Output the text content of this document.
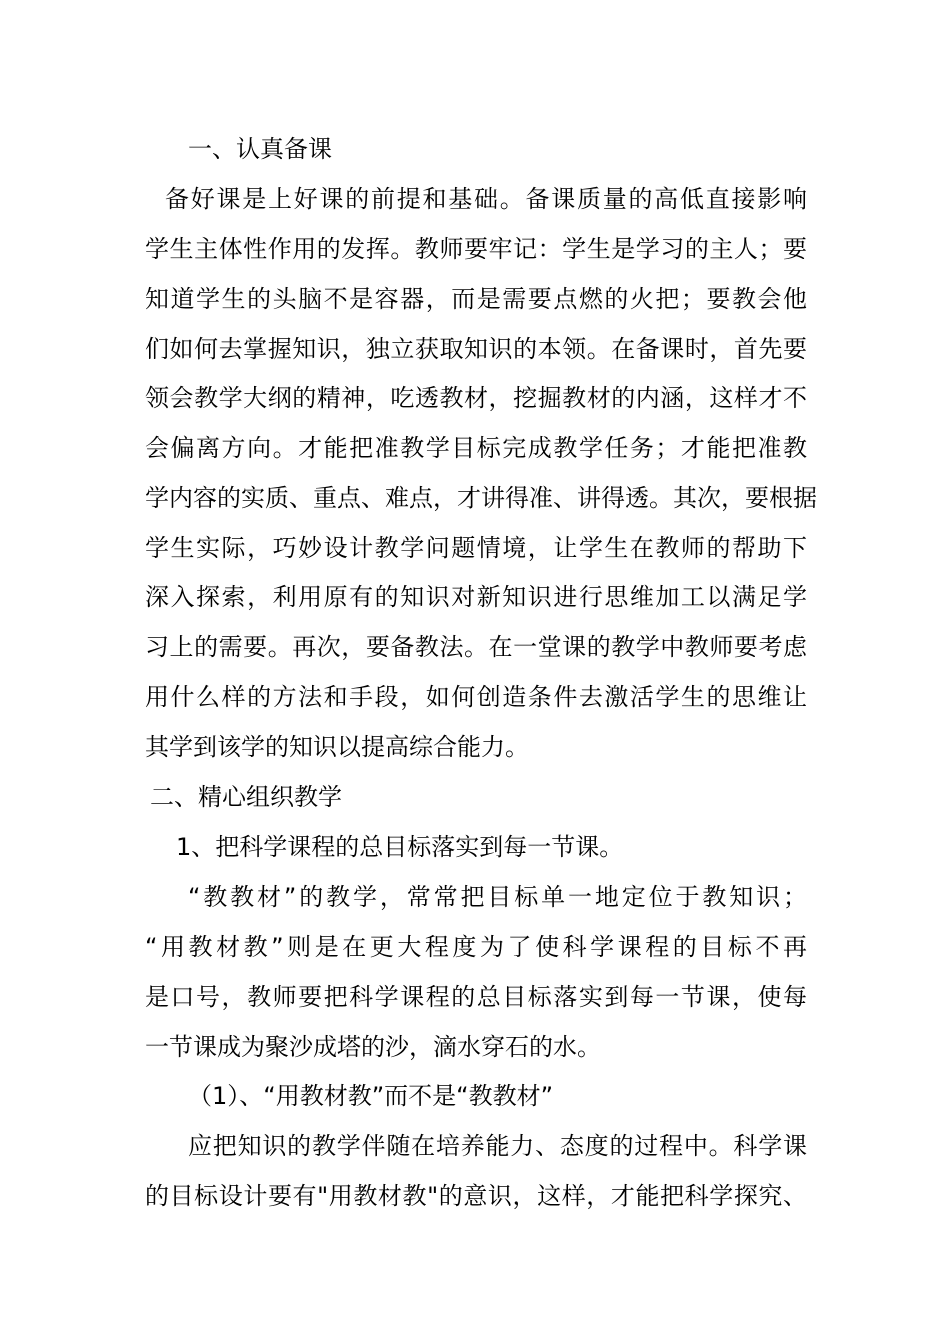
一、认真备课
备好课是上好课的前提和基础。备课质量的高低直接影响
学生主体性作用的发挥。教师要牢记：学生是学习的主人；要
知道学生的头脑不是容器，而是需要点燃的火把；要教会他
们如何去掌握知识，独立获取知识的本领。在备课时，首先要
领会教学大纲的精神，吃透教材，挖掘教材的内涵，这样才不
会偏离方向。才能把准教学目标完成教学任务；才能把准教
学内容的实质、重点、难点，才讲得准、讲得透。其次，要根据
学生实际，巧妙设计教学问题情境，让学生在教师的帮助下
深入探索，利用原有的知识对新知识进行思维加工以满足学
习上的需要。再次，要备教法。在一堂课的教学中教师要考虑
用什么样的方法和手段，如何创造条件去激活学生的思维让
其学到该学的知识以提高综合能力。
二、精心组织教学
1、把科学课程的总目标落实到每一节课。
“教教材”的教学，常常把目标单一地定位于教知识；
“用教材教”则是在更大程度为了使科学课程的目标不再
是口号，教师要把科学课程的总目标落实到每一节课，使每
一节课成为聚沙成塔的沙，滴水穿石的水。
（1）、“用教材教”而不是“教教材”
应把知识的教学伴随在培养能力、态度的过程中。科学课
的目标设计要有"用教材教"的意识，这样，才能把科学探究、
